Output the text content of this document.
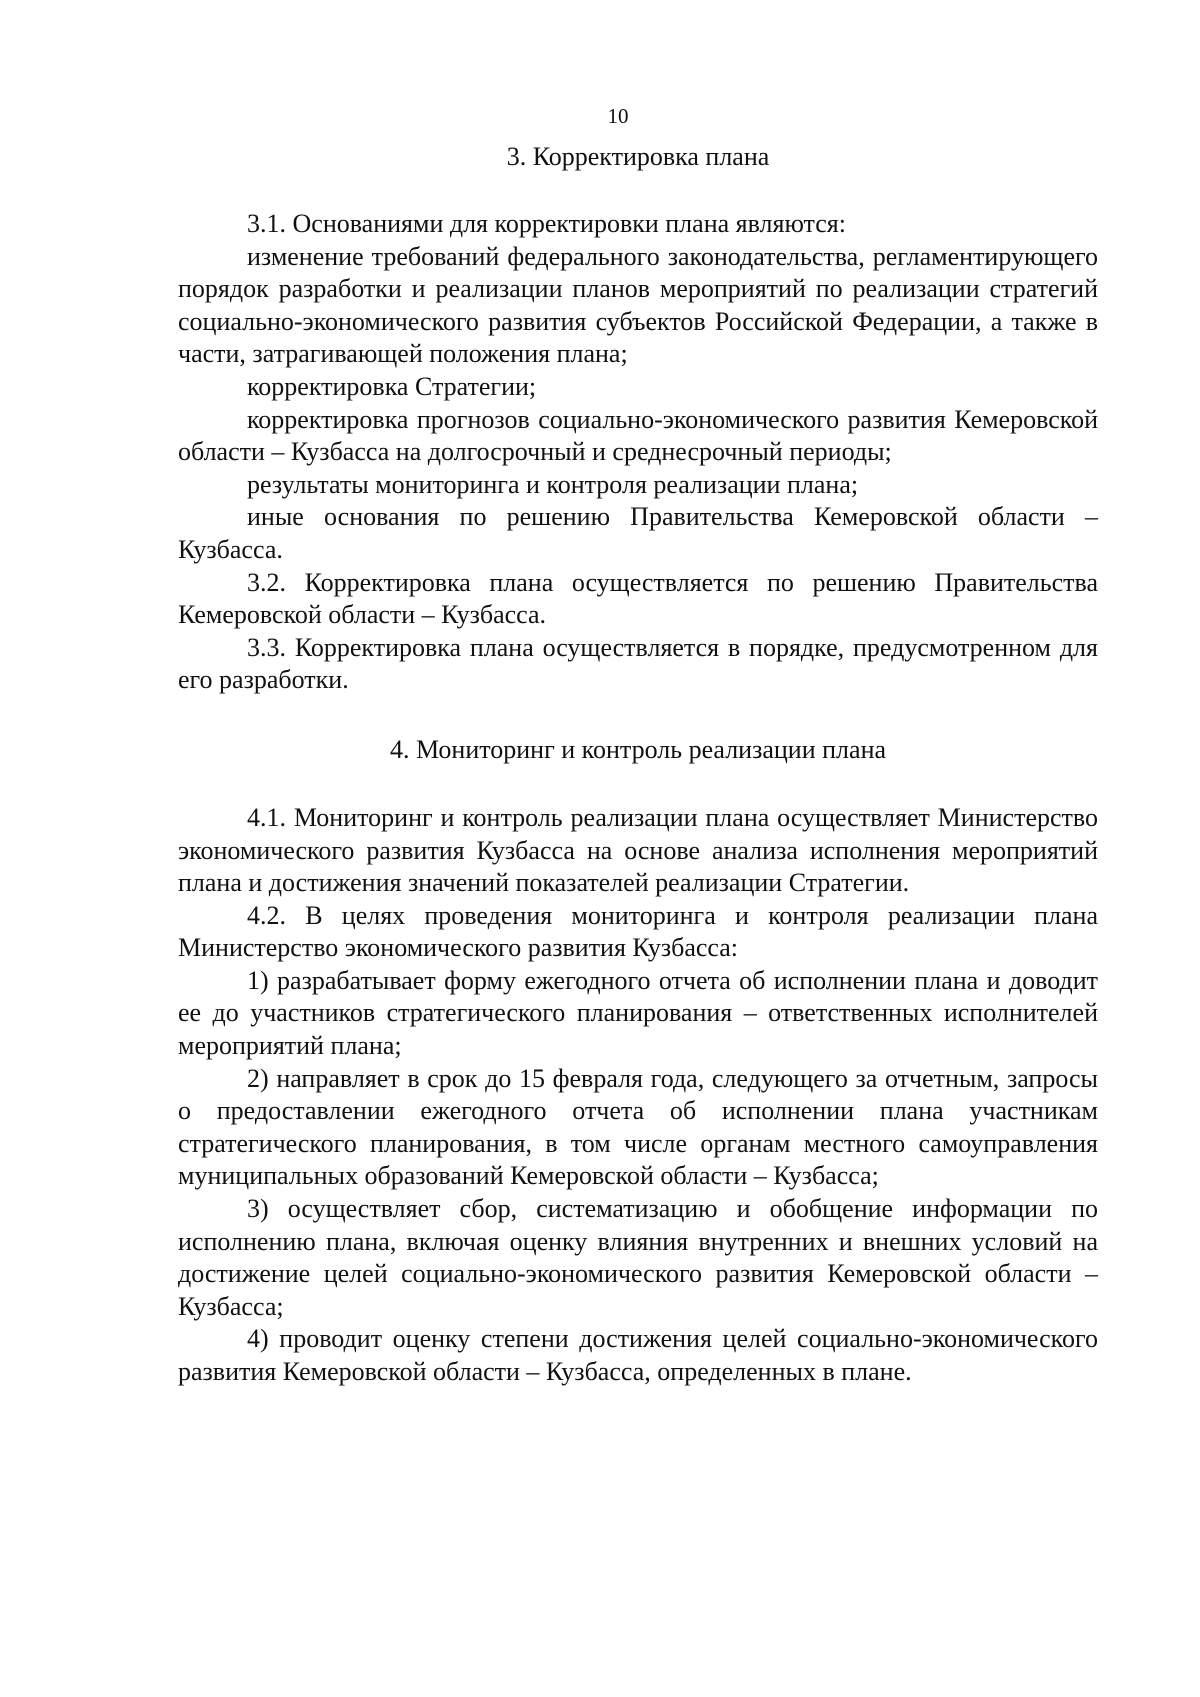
10
3. Корректировка плана

3.1. Основаниями для корректировки плана являются:

изменение требований федерального законодательства, регламентирующего порядок разработки и реализации планов мероприятий по реализации стратегий социально-экономического развития субъектов Российской Федерации, а также в части, затрагивающей положения плана;

корректировка Стратегии;

корректировка прогнозов социально-экономического развития Кемеровской области – Кузбасса на долгосрочный и среднесрочный периоды;

результаты мониторинга и контроля реализации плана;

иные основания по решению Правительства Кемеровской области – Кузбасса.

3.2. Корректировка плана осуществляется по решению Правительства Кемеровской области – Кузбасса.

3.3. Корректировка плана осуществляется в порядке, предусмотренном для его разработки.

4. Мониторинг и контроль реализации плана

4.1. Мониторинг и контроль реализации плана осуществляет Министерство экономического развития Кузбасса на основе анализа исполнения мероприятий плана и достижения значений показателей реализации Стратегии.

4.2. В целях проведения мониторинга и контроля реализации плана Министерство экономического развития Кузбасса:

1) разрабатывает форму ежегодного отчета об исполнении плана и доводит ее до участников стратегического планирования – ответственных исполнителей мероприятий плана;

2) направляет в срок до 15 февраля года, следующего за отчетным, запросы о предоставлении ежегодного отчета об исполнении плана участникам стратегического планирования, в том числе органам местного самоуправления муниципальных образований Кемеровской области – Кузбасса;

3) осуществляет сбор, систематизацию и обобщение информации по исполнению плана, включая оценку влияния внутренних и внешних условий на достижение целей социально-экономического развития Кемеровской области – Кузбасса;

4) проводит оценку степени достижения целей социально-экономического развития Кемеровской области – Кузбасса, определенных в плане.
